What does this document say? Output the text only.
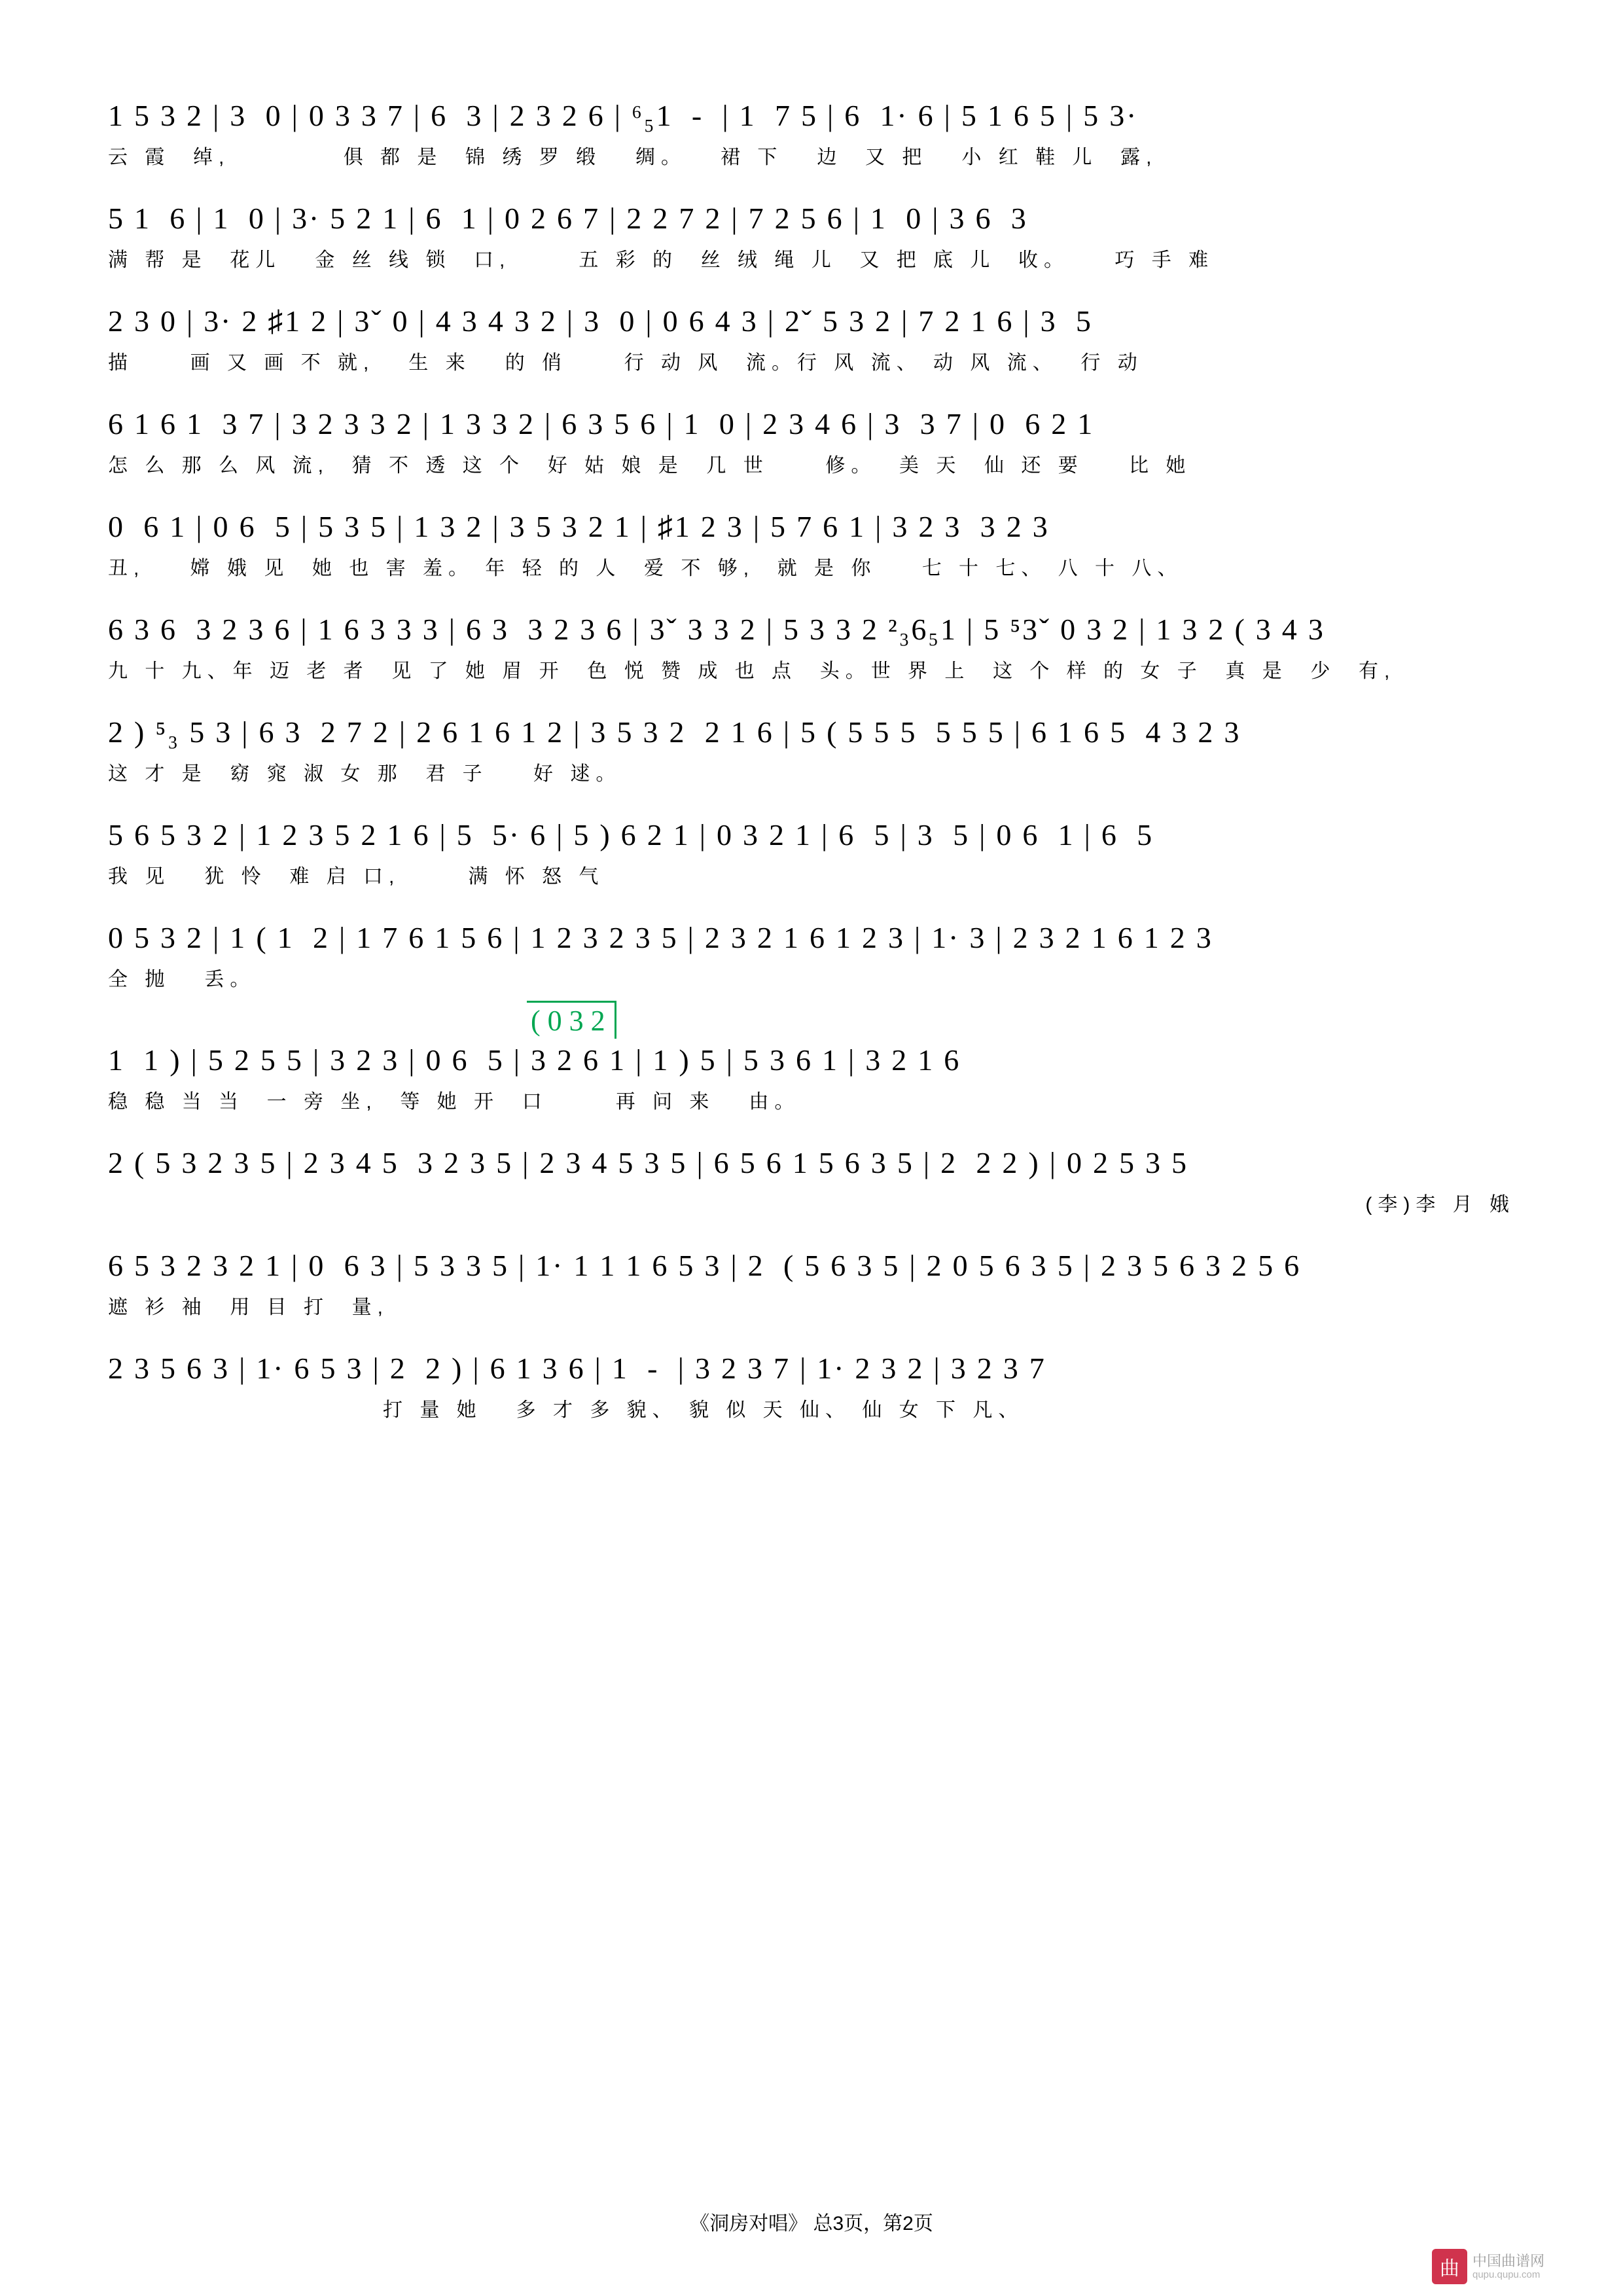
1 5 3 2 | 3  0 | 0 3 3 7 | 6  3 | 2 3 2 6 | ⁶₅1  -  | 1  7 5 | 6  1· 6 | 5 1 6 5 | 5 3·
云 霞  绰,          俱 都 是  锦 绣 罗 缎   绸。   裙 下   边  又 把   小 红 鞋 儿  露,
5 1  6 | 1  0 | 3· 5 2 1 | 6  1 | 0 2 6 7 | 2 2 7 2 | 7 2 5 6 | 1  0 | 3 6  3
满 帮 是  花儿   金 丝 线 锁  口,      五 彩 的  丝 绒 绳 儿  又 把 底 儿  收。    巧 手 难
2 3 0 | 3· 2 ♯1 2 | 3ˇ 0 | 4 3 4 3 2 | 3  0 | 0 6 4 3 | 2ˇ 5 3 2 | 7 2 1 6 | 3  5
描     画 又 画 不 就,   生 来   的 俏     行 动 风  流。行 风 流、 动 风 流、  行 动
6 1 6 1  3 7 | 3 2 3 3 2 | 1 3 3 2 | 6 3 5 6 | 1  0 | 2 3 4 6 | 3  3 7 | 0  6 2 1
怎 么 那 么 风 流,  猜 不 透 这 个  好 姑 娘 是  几 世     修。  美 天  仙 还 要    比 她
0  6 1 | 0 6  5 | 5 3 5 | 1 3 2 | 3 5 3 2 1 | ♯1 2 3 | 5 7 6 1 | 3 2 3  3 2 3
丑,    嫦 娥 见  她 也 害 羞。 年 轻 的 人  爱 不 够,  就 是 你    七 十 七、 八 十 八、
6 3 6  3 2 3 6 | 1 6 3 3 3 | 6 3  3 2 3 6 | 3ˇ 3 3 2 | 5 3 3 2 ²₃6₅1 | 5 ⁵3ˇ 0 3 2 | 1 3 2 ( 3 4 3
九 十 九、年 迈 老 者  见 了 她 眉 开  色 悦 赞 成 也 点  头。世 界 上  这 个 样 的 女 子  真 是  少  有,
2 ) ⁵₃ 5 3 | 6 3  2 7 2 | 2 6 1 6 1 2 | 3 5 3 2  2 1 6 | 5 ( 5 5 5  5 5 5 | 6 1 6 5  4 3 2 3
这 才 是  窈 窕 淑 女 那  君 子    好 逑。
5 6 5 3 2 | 1 2 3 5 2 1 6 | 5  5· 6 | 5 ) 6 2 1 | 0 3 2 1 | 6  5 | 3  5 | 0 6  1 | 6  5
我 见   犹 怜  难 启 口,      满 怀 怒 气
0 5 3 2 | 1 ( 1  2 | 1 7 6 1 5 6 | 1 2 3 2 3 5 | 2 3 2 1 6 1 2 3 | 1· 3 | 2 3 2 1 6 1 2 3
全 抛   丢。
( 0 3 2
1  1 ) | 5 2 5 5 | 3 2 3 | 0 6  5 | 3 2 6 1 | 1 ) 5 | 5 3 6 1 | 3 2 1 6
稳 稳 当 当  一 旁 坐,  等 她 开  口      再 问 来   由。
2 ( 5 3 2 3 5 | 2 3 4 5  3 2 3 5 | 2 3 4 5 3 5 | 6 5 6 1 5 6 3 5 | 2  2 2 ) | 0 2 5 3 5
(李)李 月 娥
6 5 3 2 3 2 1 | 0  6 3 | 5 3 3 5 | 1· 1 1 1 6 5 3 | 2  ( 5 6 3 5 | 2 0 5 6 3 5 | 2 3 5 6 3 2 5 6
遮 衫 袖  用 目 打  量,
2 3 5 6 3 | 1· 6 5 3 | 2  2 ) | 6 1 3 6 | 1  -  | 3 2 3 7 | 1· 2 3 2 | 3 2 3 7
打 量 她   多 才 多 貌、 貌 似 天 仙、 仙 女 下 凡、
《洞房对唱》 总3页，第2页
曲 中国曲谱网
qupu.qupu.com
